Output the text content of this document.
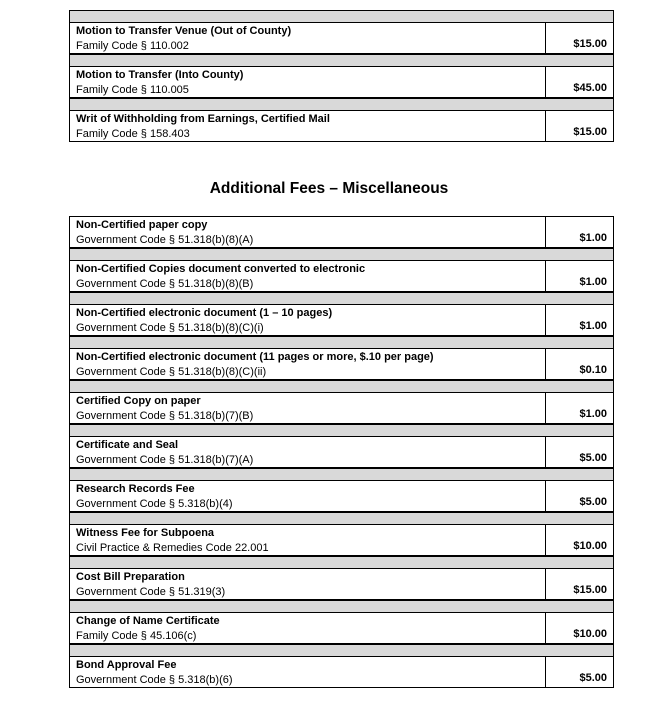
Motion to Transfer Venue (Out of County)
Family Code § 110.002	$15.00
Motion to Transfer (Into County)
Family Code § 110.005	$45.00
Writ of Withholding from Earnings, Certified Mail
Family Code § 158.403	$15.00
Additional Fees – Miscellaneous
Non-Certified paper copy
Government Code § 51.318(b)(8)(A)	$1.00
Non-Certified Copies document converted to electronic
Government Code § 51.318(b)(8)(B)	$1.00
Non-Certified electronic document (1 – 10 pages)
Government Code § 51.318(b)(8)(C)(i)	$1.00
Non-Certified electronic document (11 pages or more, $.10 per page)
Government Code § 51.318(b)(8)(C)(ii)	$0.10
Certified Copy on paper
Government Code § 51.318(b)(7)(B)	$1.00
Certificate and Seal
Government Code § 51.318(b)(7)(A)	$5.00
Research Records Fee
Government Code § 5.318(b)(4)	$5.00
Witness Fee for Subpoena
Civil Practice & Remedies Code 22.001	$10.00
Cost Bill Preparation
Government Code § 51.319(3)	$15.00
Change of Name Certificate
Family Code § 45.106(c)	$10.00
Bond Approval Fee
Government Code § 5.318(b)(6)	$5.00
